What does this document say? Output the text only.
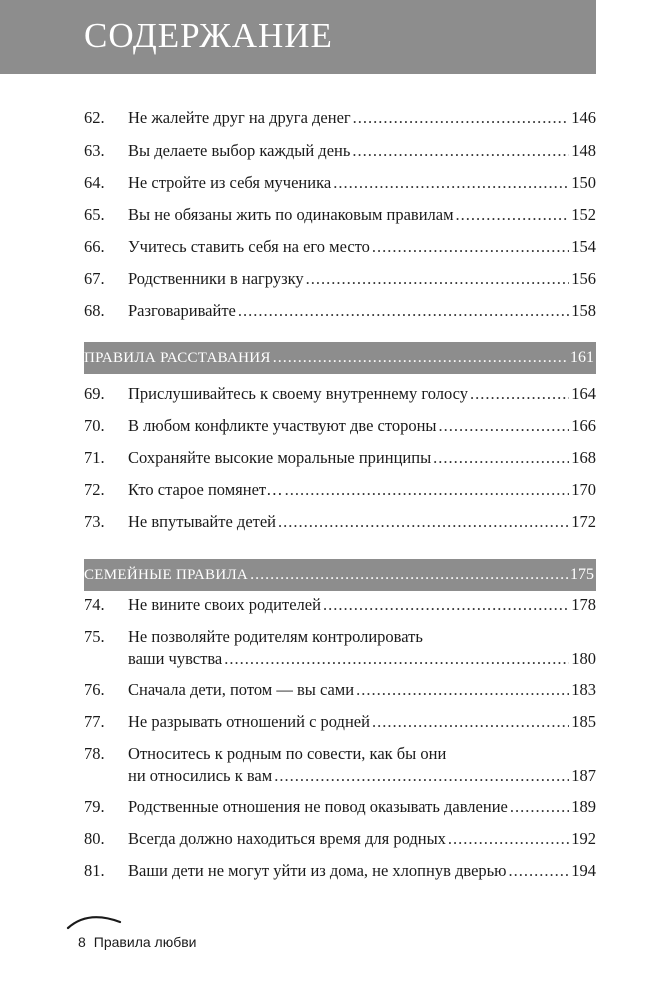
СОДЕРЖАНИЕ
62.	Не жалейте друг на друга денег .....	146
63.	Вы делаете выбор каждый день .....	148
64.	Не стройте из себя мученика .....	150
65.	Вы не обязаны жить по одинаковым правилам .....	152
66.	Учитесь ставить себя на его место .....	154
67.	Родственники в нагрузку .....	156
68.	Разговаривайте .....	158
ПРАВИЛА РАССТАВАНИЯ .....	161
69.	Прислушивайтесь к своему внутреннему голосу .....	164
70.	В любом конфликте участвуют две стороны .....	166
71.	Сохраняйте высокие моральные принципы .....	168
72.	Кто старое помянет… .....	170
73.	Не впутывайте детей .....	172
СЕМЕЙНЫЕ ПРАВИЛА .....	175
74.	Не вините своих родителей .....	178
75.	Не позволяйте родителям контролировать
ваши чувства .....	180
76.	Сначала дети, потом — вы сами .....	183
77.	Не разрывать отношений с родней .....	185
78.	Относитесь к родным по совести, как бы они
ни относились к вам .....	187
79.	Родственные отношения не повод оказывать давление .....	189
80.	Всегда должно находиться время для родных .....	192
81.	Ваши дети не могут уйти из дома, не хлопнув дверью .....	194
8 Правила любви
